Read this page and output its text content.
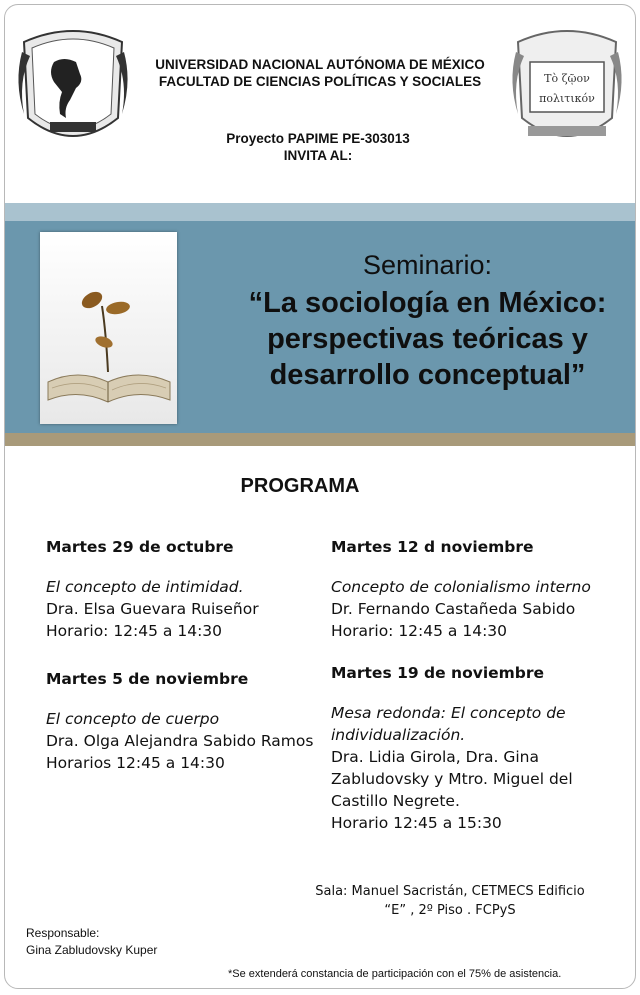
Τὸ ζῷον
πολιτικόν
UNIVERSIDAD NACIONAL AUTÓNOMA DE MÉXICO
FACULTAD DE CIENCIAS POLÍTICAS Y SOCIALES
Proyecto PAPIME PE-303013
INVITA AL:
Seminario:
“La sociología en México:
perspectivas teóricas y
desarrollo conceptual”
PROGRAMA
Martes 29 de octubre
El concepto de intimidad.
Dra. Elsa Guevara Ruiseñor
Horario: 12:45 a 14:30
Martes 5 de noviembre
El concepto de cuerpo
Dra. Olga Alejandra Sabido Ramos
Horarios 12:45 a 14:30
Martes 12 d noviembre
Concepto de colonialismo interno
Dr. Fernando Castañeda Sabido
Horario: 12:45 a 14:30
Martes 19 de noviembre
Mesa redonda: El concepto de individualización.
Dra. Lidia Girola, Dra. Gina Zabludovsky y Mtro. Miguel del Castillo Negrete.
Horario 12:45 a 15:30
Sala: Manuel Sacristán, CETMECS Edificio
“E” , 2º Piso . FCPyS
Responsable:
Gina Zabludovsky Kuper
*Se extenderá constancia de participación con el 75% de asistencia.
